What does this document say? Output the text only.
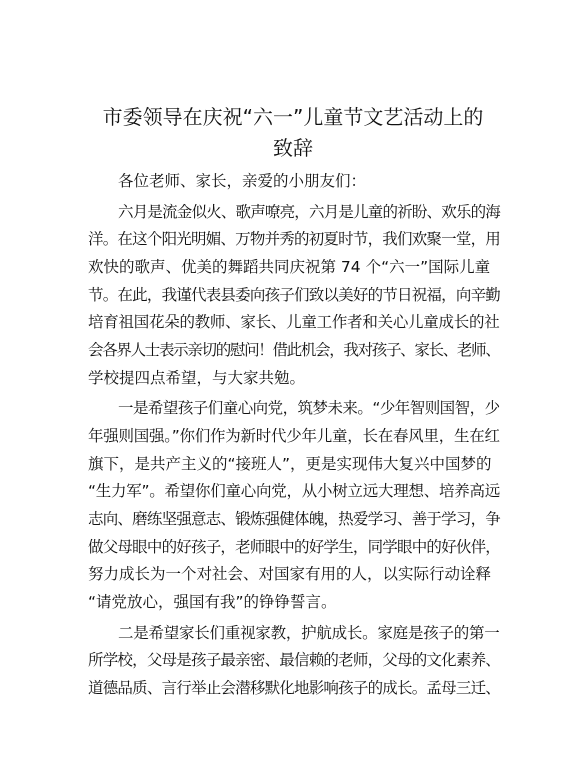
市委领导在庆祝“六一”儿童节文艺活动上的
致辞
各位老师、家长，亲爱的小朋友们：
六月是流金似火、歌声嘹亮，六月是儿童的祈盼、欢乐的海
洋。在这个阳光明媚、万物并秀的初夏时节，我们欢聚一堂，用
欢快的歌声、优美的舞蹈共同庆祝第 74 个“六一”国际儿童
节。在此，我谨代表县委向孩子们致以美好的节日祝福，向辛勤
培育祖国花朵的教师、家长、儿童工作者和关心儿童成长的社
会各界人士表示亲切的慰问！借此机会，我对孩子、家长、老师、
学校提四点希望，与大家共勉。
一是希望孩子们童心向党，筑梦未来。“少年智则国智，少
年强则国强。”你们作为新时代少年儿童，长在春风里，生在红
旗下，是共产主义的“接班人”，更是实现伟大复兴中国梦的
“生力军”。希望你们童心向党，从小树立远大理想、培养高远
志向、磨练坚强意志、锻炼强健体魄，热爱学习、善于学习，争
做父母眼中的好孩子，老师眼中的好学生，同学眼中的好伙伴，
努力成长为一个对社会、对国家有用的人，以实际行动诠释
“请党放心，强国有我”的铮铮誓言。
二是希望家长们重视家教，护航成长。家庭是孩子的第一
所学校，父母是孩子最亲密、最信赖的老师，父母的文化素养、
道德品质、言行举止会潜移默化地影响孩子的成长。孟母三迁、
